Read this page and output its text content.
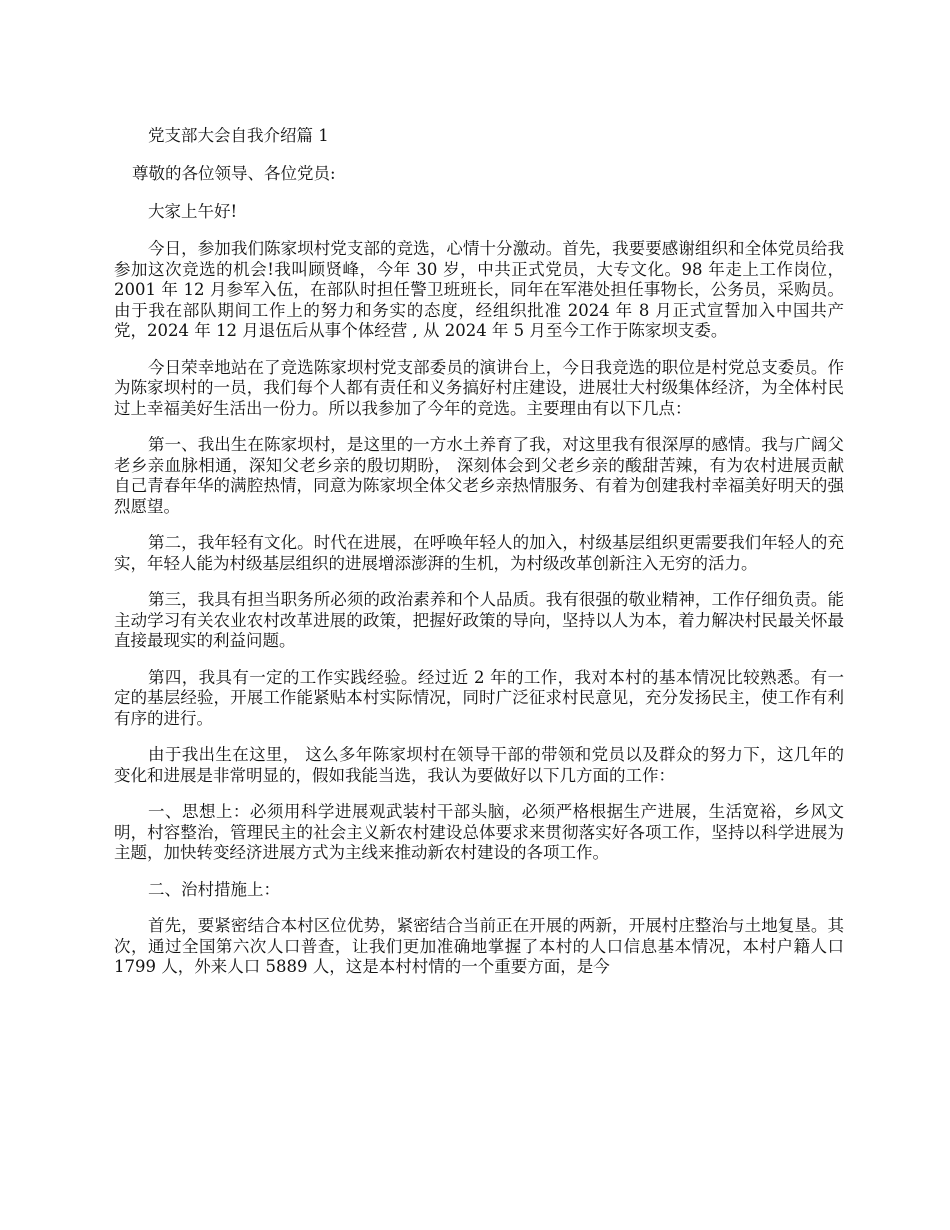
党支部大会自我介绍篇 1

尊敬的各位领导、各位党员:

大家上午好!

今日，参加我们陈家坝村党支部的竞选，心情十分激动。首先，我要要感谢组织和全体党员给我参加这次竞选的机会!我叫顾贤峰，今年 30 岁，中共正式党员，大专文化。98 年走上工作岗位，2001 年 12 月参军入伍，在部队时担任警卫班班长，同年在军港处担任事物长，公务员，采购员。由于我在部队期间工作上的努力和务实的态度，经组织批准 2024 年 8 月正式宣誓加入中国共产党，2024 年 12 月退伍后从事个体经营 , 从 2024 年 5 月至今工作于陈家坝支委。

今日荣幸地站在了竞选陈家坝村党支部委员的演讲台上，今日我竞选的职位是村党总支委员。作为陈家坝村的一员，我们每个人都有责任和义务搞好村庄建设，进展壮大村级集体经济，为全体村民过上幸福美好生活出一份力。所以我参加了今年的竞选。主要理由有以下几点：

第一、我出生在陈家坝村，是这里的一方水土养育了我，对这里我有很深厚的感情。我与广阔父老乡亲血脉相通，深知父老乡亲的殷切期盼， 深刻体会到父老乡亲的酸甜苦辣，有为农村进展贡献自己青春年华的满腔热情，同意为陈家坝全体父老乡亲热情服务、有着为创建我村幸福美好明天的强烈愿望。

第二，我年轻有文化。时代在进展，在呼唤年轻人的加入，村级基层组织更需要我们年轻人的充实，年轻人能为村级基层组织的进展增添澎湃的生机，为村级改革创新注入无穷的活力。

第三，我具有担当职务所必须的政治素养和个人品质。我有很强的敬业精神，工作仔细负责。能主动学习有关农业农村改革进展的政策，把握好政策的导向，坚持以人为本，着力解决村民最关怀最直接最现实的利益问题。

第四，我具有一定的工作实践经验。经过近 2 年的工作，我对本村的基本情况比较熟悉。有一定的基层经验，开展工作能紧贴本村实际情况，同时广泛征求村民意见，充分发扬民主，使工作有利有序的进行。

由于我出生在这里， 这么多年陈家坝村在领导干部的带领和党员以及群众的努力下，这几年的变化和进展是非常明显的，假如我能当选，我认为要做好以下几方面的工作：

一、思想上：必须用科学进展观武装村干部头脑，必须严格根据生产进展，生活宽裕，乡风文明，村容整治，管理民主的社会主义新农村建设总体要求来贯彻落实好各项工作，坚持以科学进展为主题，加快转变经济进展方式为主线来推动新农村建设的各项工作。

二、治村措施上：

首先，要紧密结合本村区位优势，紧密结合当前正在开展的两新，开展村庄整治与土地复垦。其次，通过全国第六次人口普查，让我们更加准确地掌握了本村的人口信息基本情况，本村户籍人口 1799 人，外来人口 5889 人，这是本村村情的一个重要方面，是今
